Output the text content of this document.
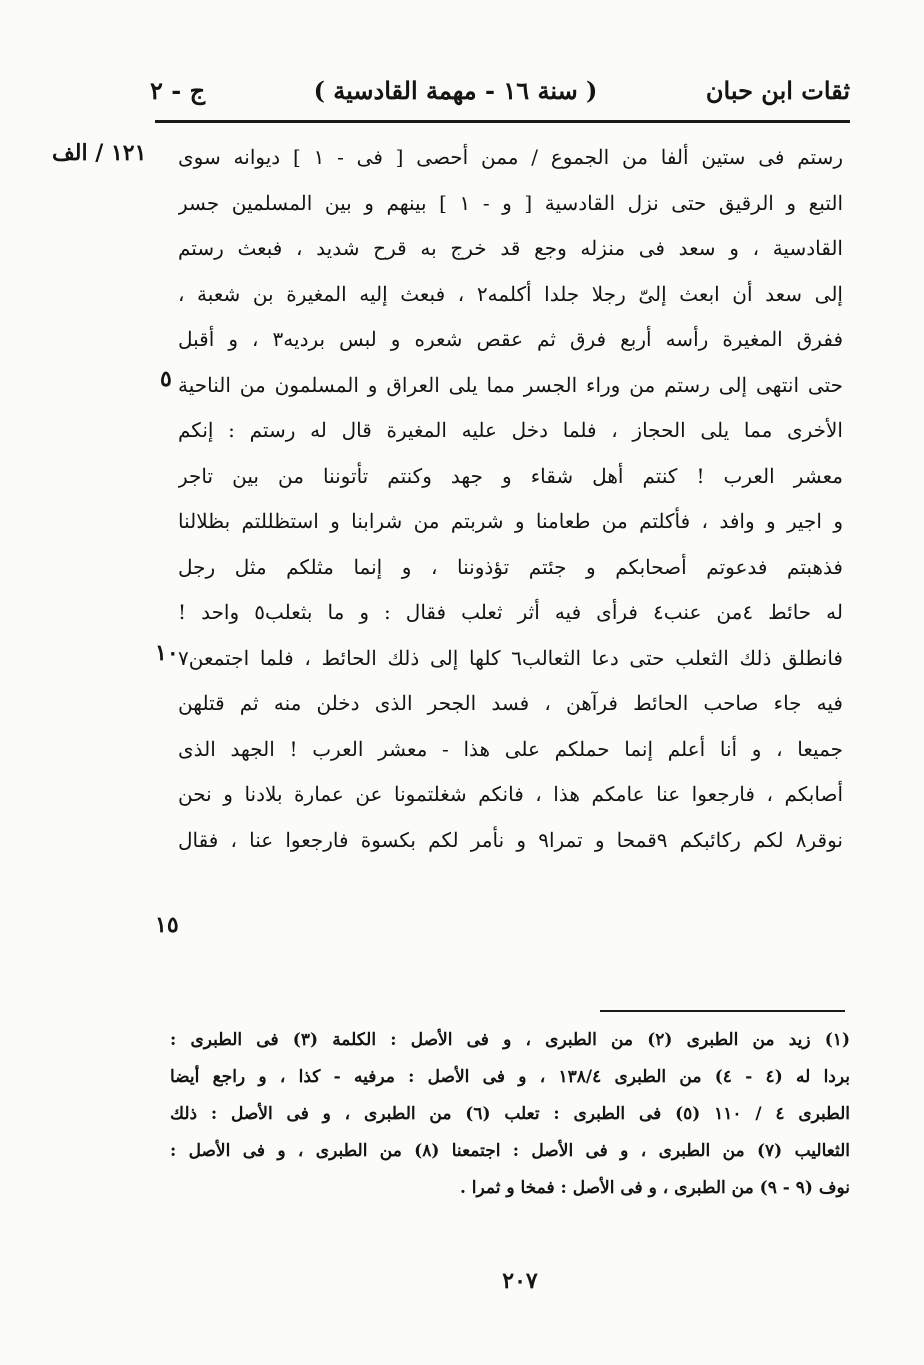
ثقات ابن حبان
( سنة ١٦ - مهمة القادسية )
ج - ٢
١٢١ / الف
٥
١٠
١٥
رستم فى ستين ألفا من الجموع / ممن أحصى [ فى - ١ ] ديوانه سوى
التبع و الرقيق حتى نزل القادسية [ و - ١ ] بينهم و بين المسلمين جسر
القادسية ، و سعد فى منزله وجع قد خرج به قرح شديد ، فبعث رستم
إلى سعد أن ابعث إلىّ رجلا جلدا أكلمه٢ ، فبعث إليه المغيرة بن شعبة ،
ففرق المغيرة رأسه أربع فرق ثم عقص شعره و لبس برديه٣ ، و أقبل
حتى انتهى إلى رستم من وراء الجسر مما يلى العراق و المسلمون من الناحية
الأخرى مما يلى الحجاز ، فلما دخل عليه المغيرة قال له رستم : إنكم
معشر العرب ! كنتم أهل شقاء و جهد وكنتم تأتوننا من بين تاجر
و اجير و وافد ، فأكلتم من طعامنا و شربتم من شرابنا و استظللتم بظلالنا
فذهبتم فدعوتم أصحابكم و جئتم تؤذوننا ، و إنما مثلكم مثل رجل
له حائط ٤من عنب٤ فرأى فيه أثر ثعلب فقال : و ما بثعلب٥ واحد !
فانطلق ذلك الثعلب حتى دعا الثعالب٦ كلها إلى ذلك الحائط ، فلما اجتمعن٧
فيه جاء صاحب الحائط فرآهن ، فسد الجحر الذى دخلن منه ثم قتلهن
جميعا ، و أنا أعلم إنما حملكم على هذا - معشر العرب ! الجهد الذى
أصابكم ، فارجعوا عنا عامكم هذا ، فانكم شغلتمونا عن عمارة بلادنا و نحن
نوقر٨ لكم ركائبكم ٩قمحا و تمرا٩ و نأمر لكم بكسوة فارجعوا عنا ، فقال
(١) زيد من الطبرى (٢) من الطبرى ، و فى الأصل : الكلمة (٣) فى الطبرى :
بردا له (٤ - ٤) من الطبرى ١٣٨/٤ ، و فى الأصل : مرفيه - كذا ، و راجع أيضا
الطبرى ٤ / ١١٠ (٥) فى الطبرى : تعلب (٦) من الطبرى ، و فى الأصل : ذلك
الثعاليب (٧) من الطبرى ، و فى الأصل : اجتمعنا (٨) من الطبرى ، و فى الأصل :
نوف (٩ - ٩) من الطبرى ، و فى الأصل : فمخا و ثمرا .
٢٠٧
